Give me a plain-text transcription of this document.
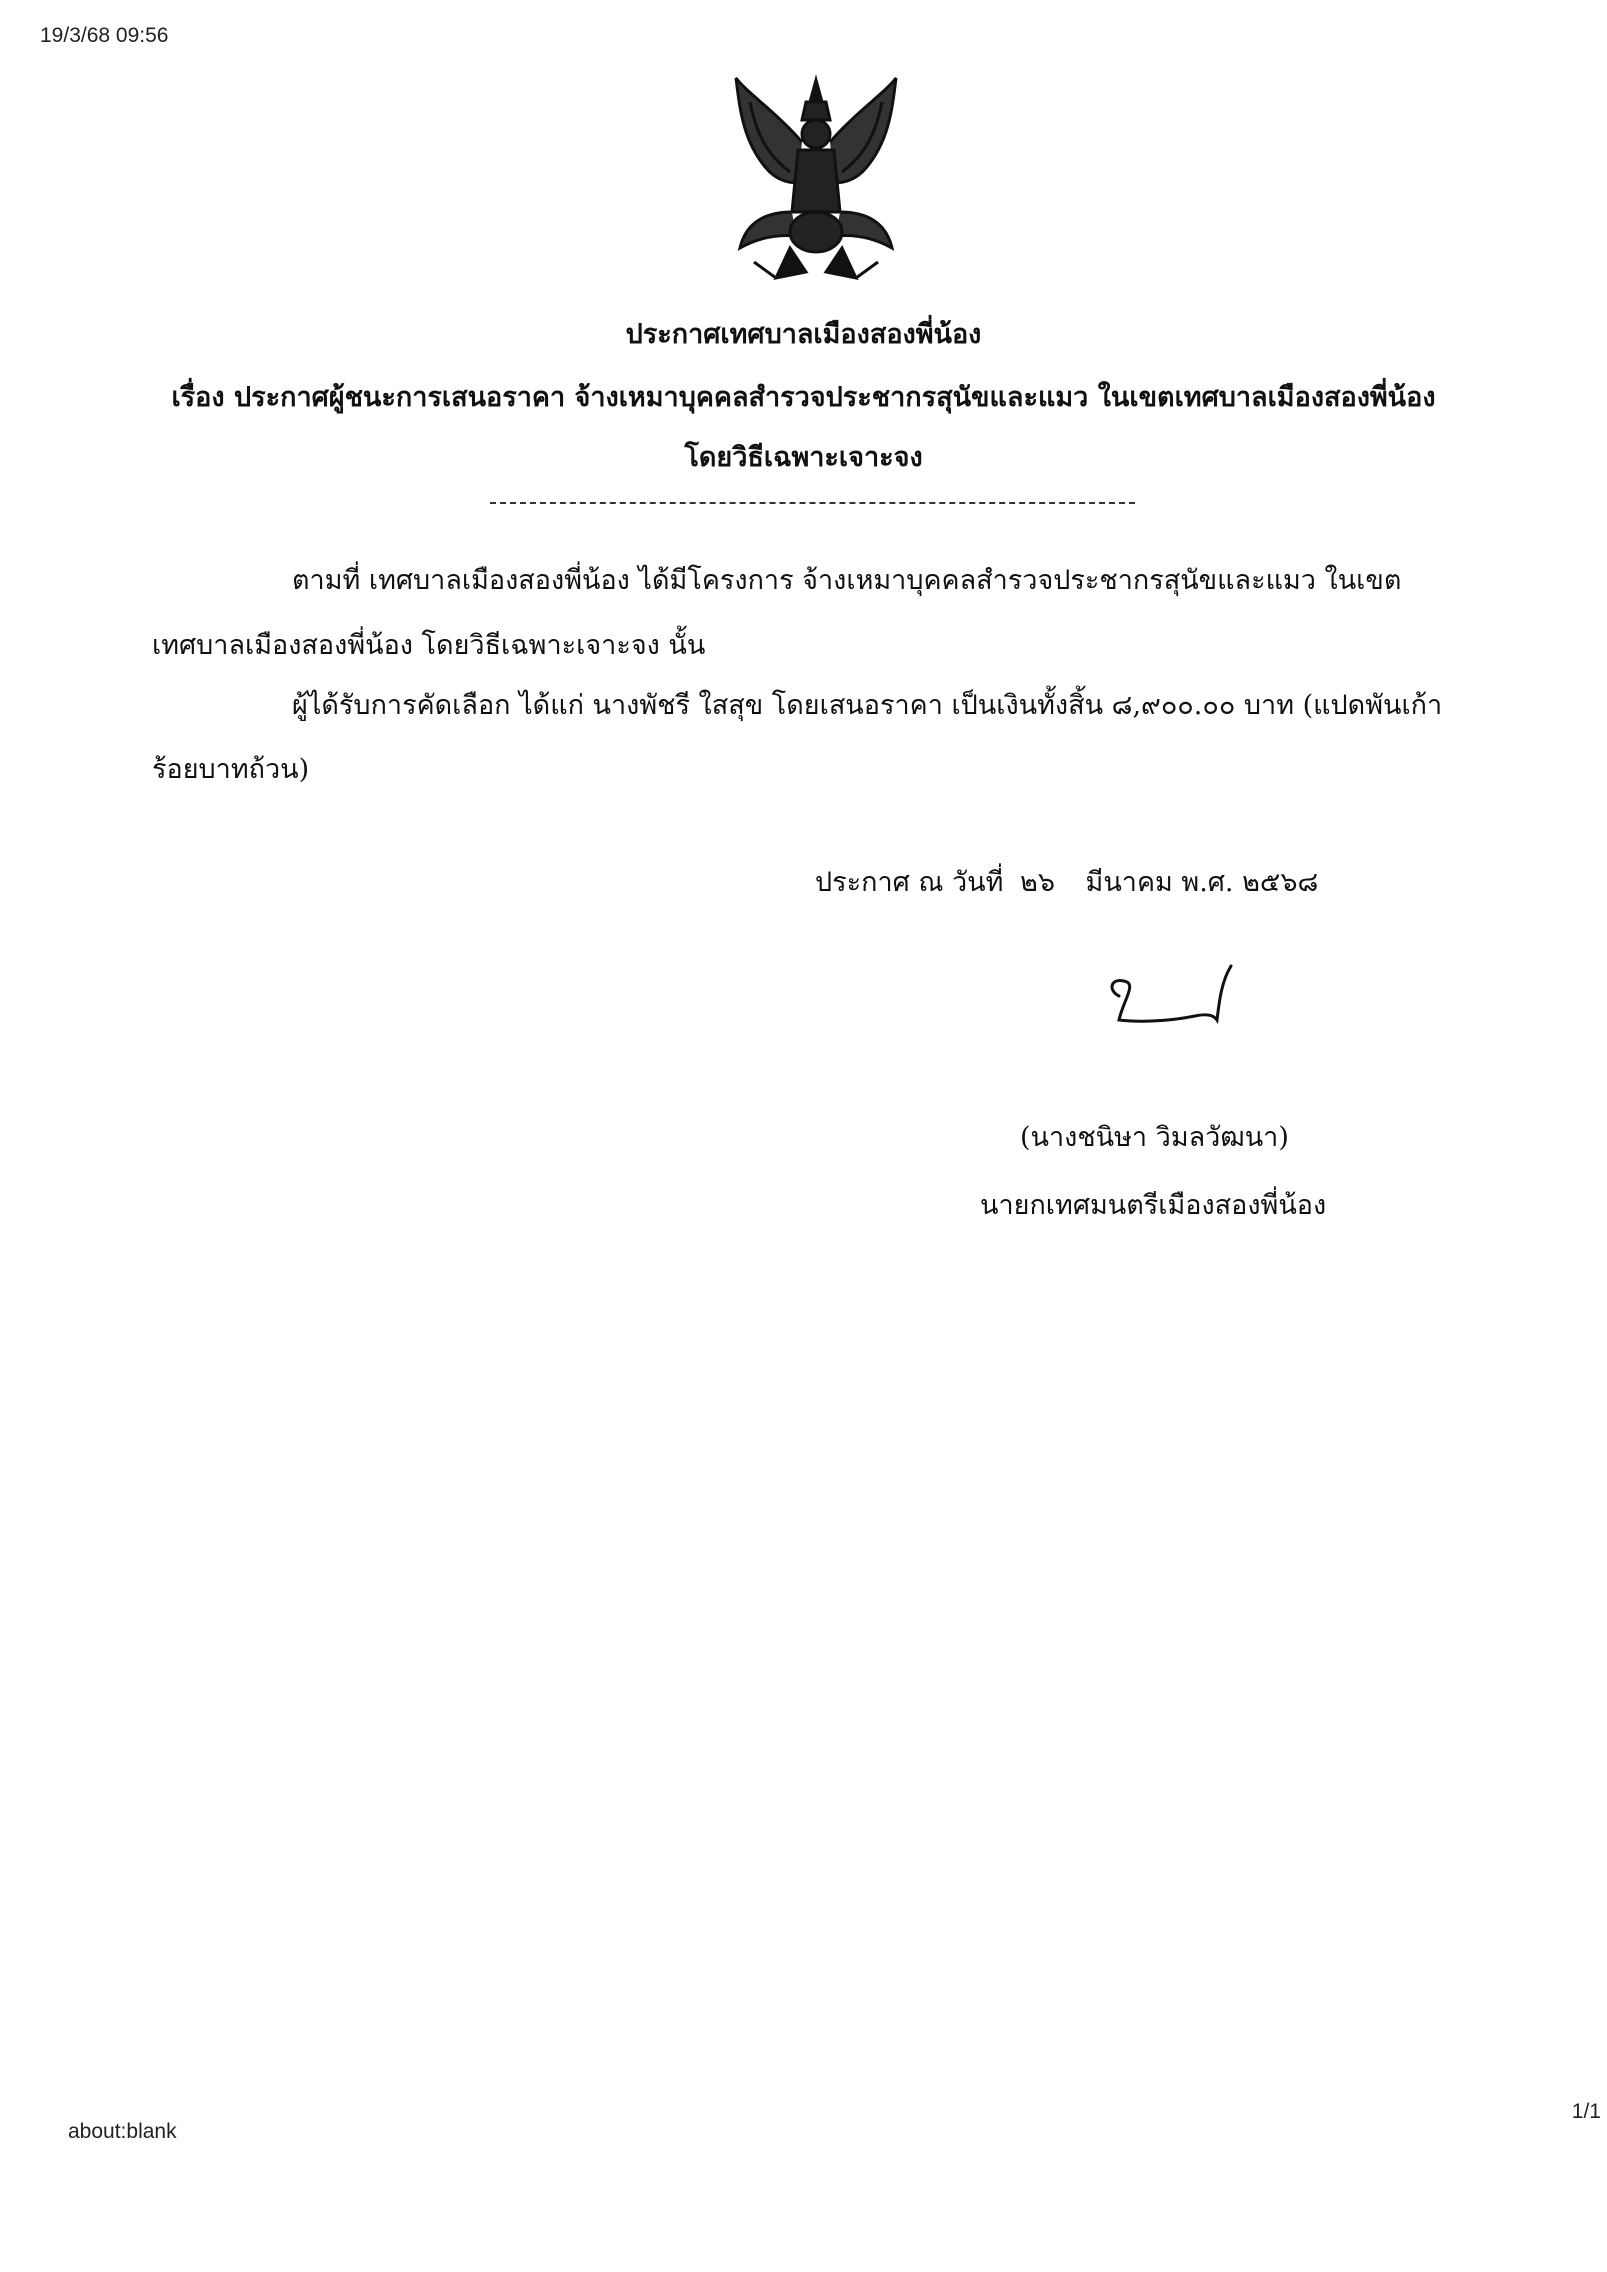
19/3/68 09:56
ประกาศเทศบาลเมืองสองพี่น้อง
เรื่อง ประกาศผู้ชนะการเสนอราคา จ้างเหมาบุคคลสำรวจประชากรสุนัขและแมว ในเขตเทศบาลเมืองสองพี่น้อง
โดยวิธีเฉพาะเจาะจง
ตามที่ เทศบาลเมืองสองพี่น้อง ได้มีโครงการ จ้างเหมาบุคคลสำรวจประชากรสุนัขและแมว ในเขต
เทศบาลเมืองสองพี่น้อง โดยวิธีเฉพาะเจาะจง นั้น
ผู้ได้รับการคัดเลือก ได้แก่ นางพัชรี ใสสุข โดยเสนอราคา เป็นเงินทั้งสิ้น ๘,๙๐๐.๐๐ บาท (แปดพันเก้า
ร้อยบาทถ้วน)
ประกาศ ณ วันที่ ๒๖ มีนาคม พ.ศ. ๒๕๖๘
(นางชนิษา วิมลวัฒนา)
นายกเทศมนตรีเมืองสองพี่น้อง
about:blank
1/1
